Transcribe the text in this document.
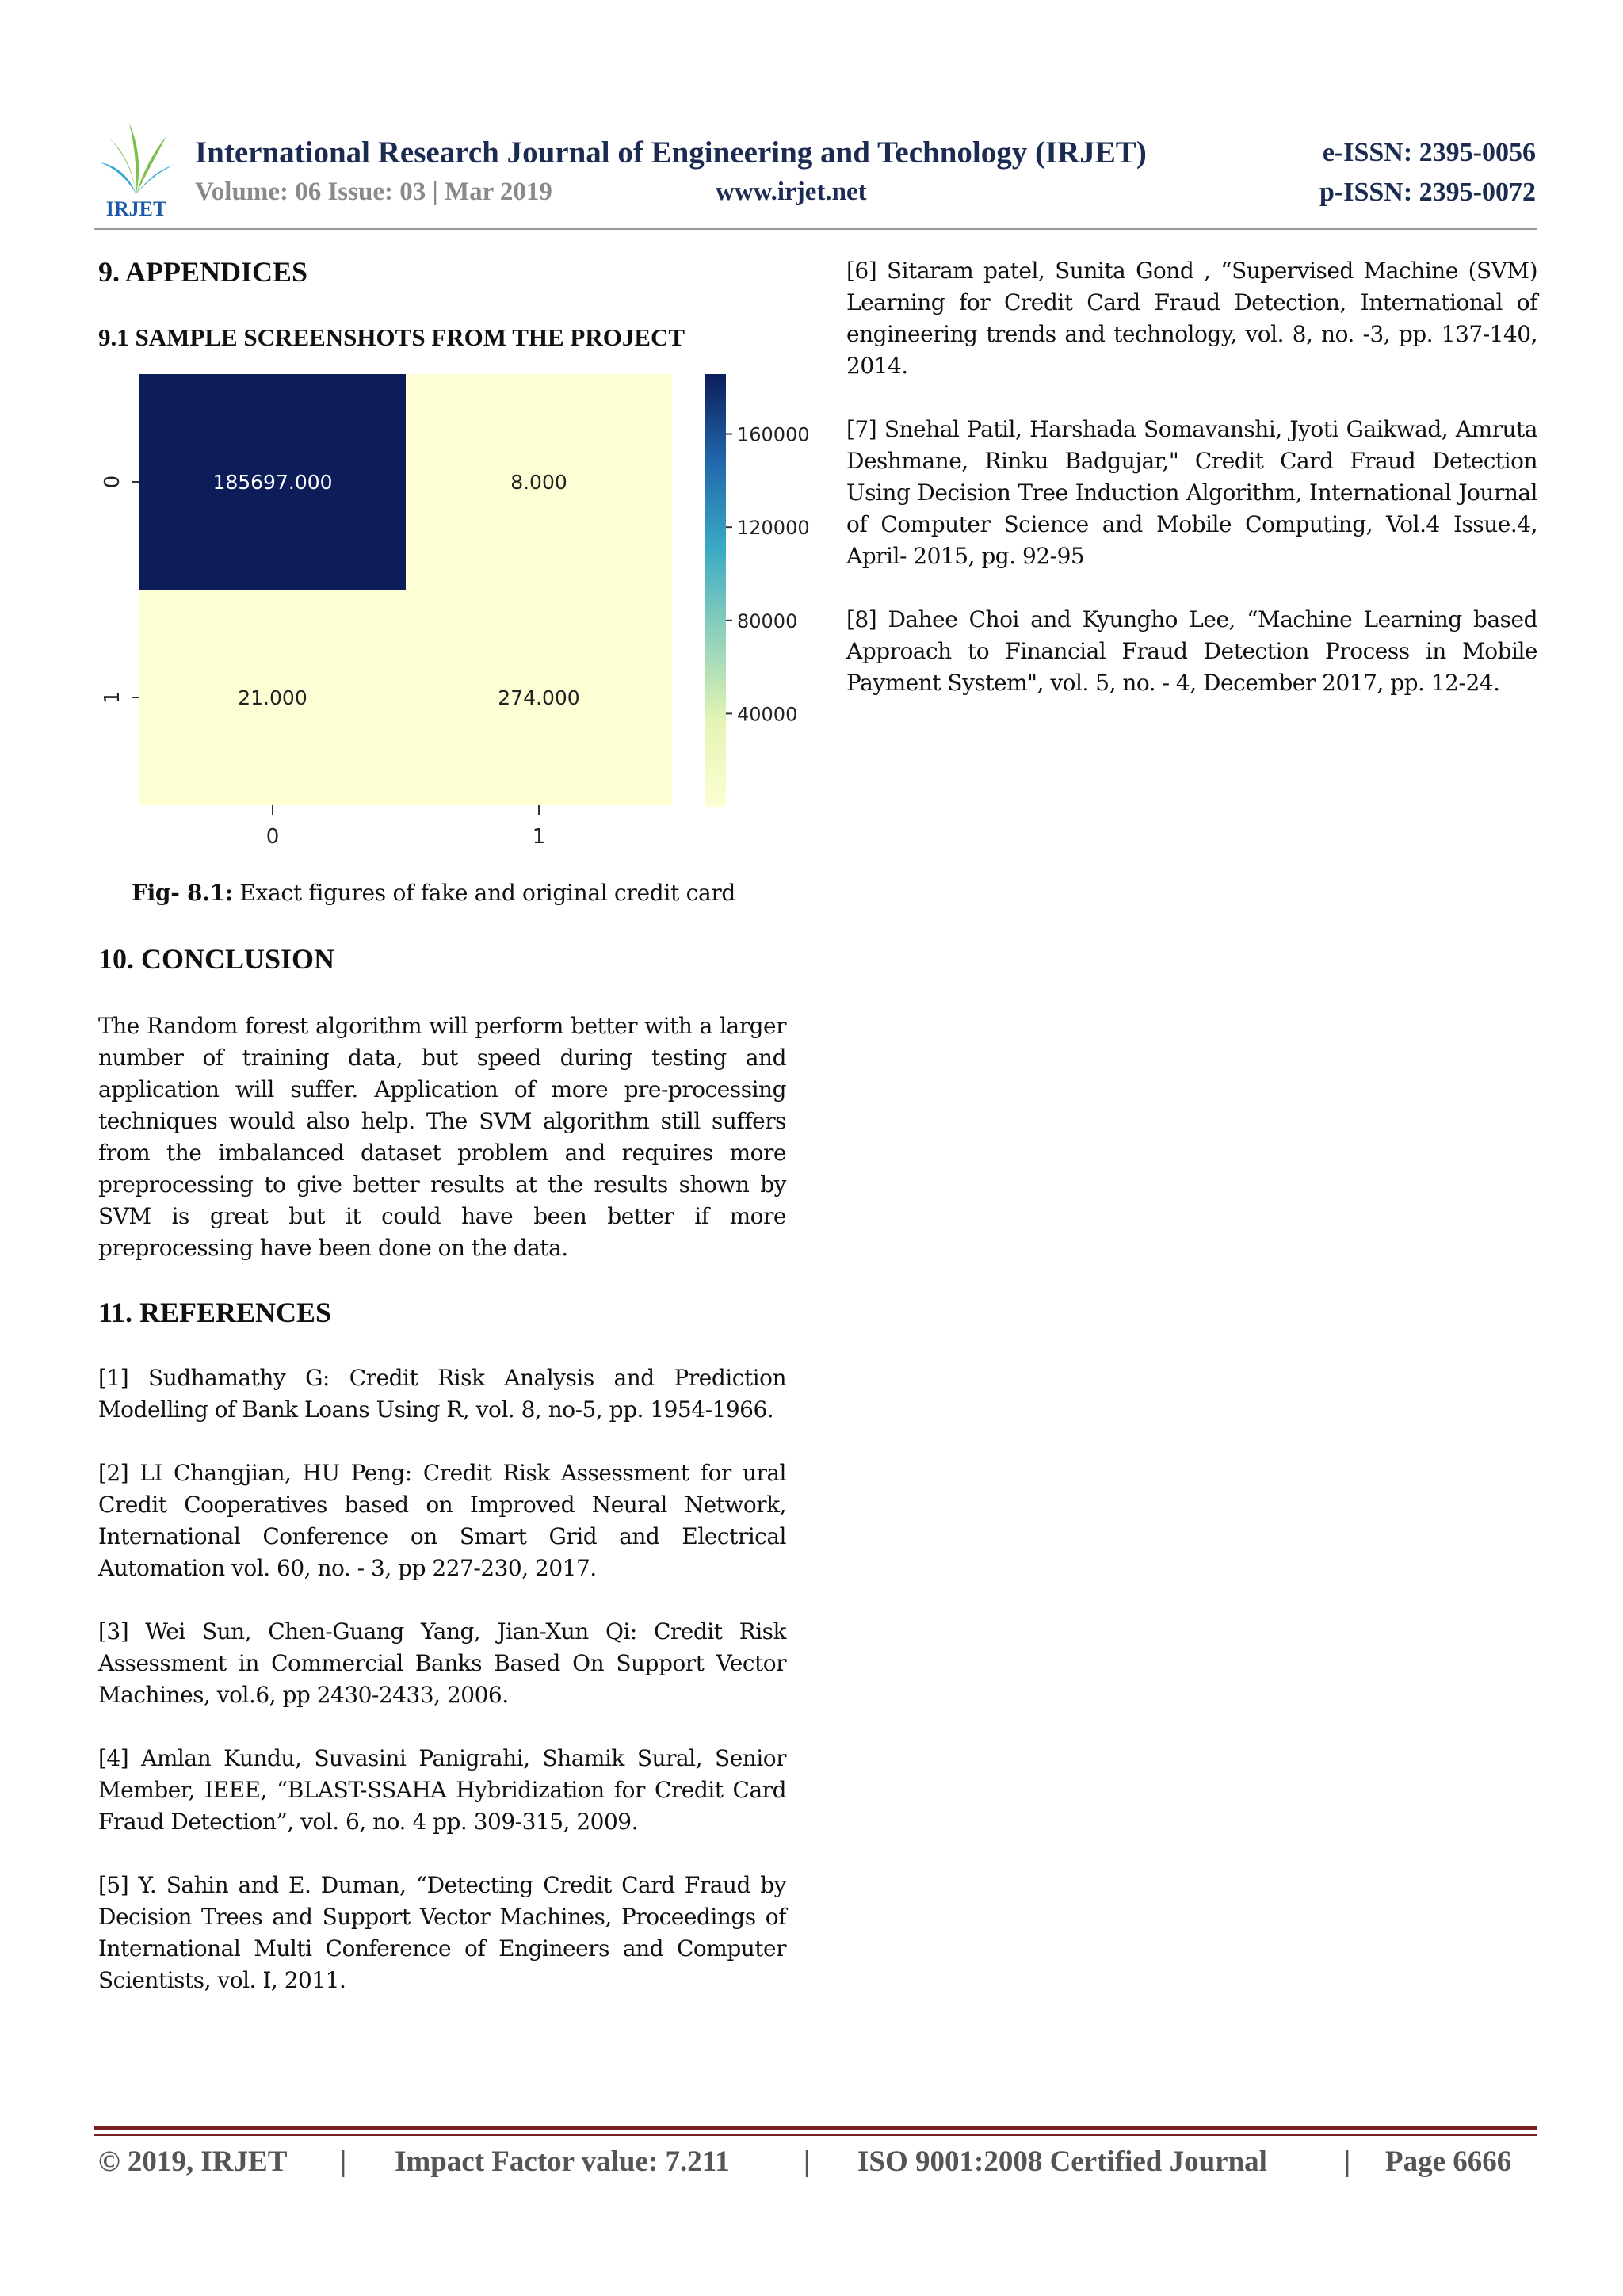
IRJET
International Research Journal of Engineering and Technology (IRJET)	e-ISSN: 2395-0056
Volume: 06 Issue: 03 | Mar 2019	www.irjet.net	p-ISSN: 2395-0072
9. APPENDICES
9.1 SAMPLE SCREENSHOTS FROM THE PROJECT
185697.000	8.000
21.000	274.000
0
1
0	1
160000
120000
80000
40000

Fig- 8.1: Exact figures of fake and original credit card

10. CONCLUSION

The Random forest algorithm will perform better with a larger number of training data, but speed during testing and application will suffer. Application of more pre-processing techniques would also help. The SVM algorithm still suffers from the imbalanced dataset problem and requires more preprocessing to give better results at the results shown by SVM is great but it could have been better if more preprocessing have been done on the data.

11. REFERENCES

[1] Sudhamathy G: Credit Risk Analysis and Prediction Modelling of Bank Loans Using R, vol. 8, no-5, pp. 1954-1966.

[2] LI Changjian, HU Peng: Credit Risk Assessment for ural Credit Cooperatives based on Improved Neural Network, International Conference on Smart Grid and Electrical Automation vol. 60, no. - 3, pp 227-230, 2017.

[3] Wei Sun, Chen-Guang Yang, Jian-Xun Qi: Credit Risk Assessment in Commercial Banks Based On Support Vector Machines, vol.6, pp 2430-2433, 2006.

[4] Amlan Kundu, Suvasini Panigrahi, Shamik Sural, Senior Member, IEEE, “BLAST-SSAHA Hybridization for Credit Card Fraud Detection”, vol. 6, no. 4 pp. 309-315, 2009.

[5] Y. Sahin and E. Duman, “Detecting Credit Card Fraud by Decision Trees and Support Vector Machines, Proceedings of International Multi Conference of Engineers and Computer Scientists, vol. I, 2011.

[6] Sitaram patel, Sunita Gond , “Supervised Machine (SVM) Learning for Credit Card Fraud Detection, International of engineering trends and technology, vol. 8, no. -3, pp. 137-140, 2014.

[7] Snehal Patil, Harshada Somavanshi, Jyoti Gaikwad, Amruta Deshmane, Rinku Badgujar," Credit Card Fraud Detection Using Decision Tree Induction Algorithm, International Journal of Computer Science and Mobile Computing, Vol.4 Issue.4, April- 2015, pg. 92-95

[8] Dahee Choi and Kyungho Lee, “Machine Learning based Approach to Financial Fraud Detection Process in Mobile Payment System", vol. 5, no. - 4, December 2017, pp. 12-24.

© 2019, IRJET | Impact Factor value: 7.211	| ISO 9001:2008 Certified Journal	| Page 6666
